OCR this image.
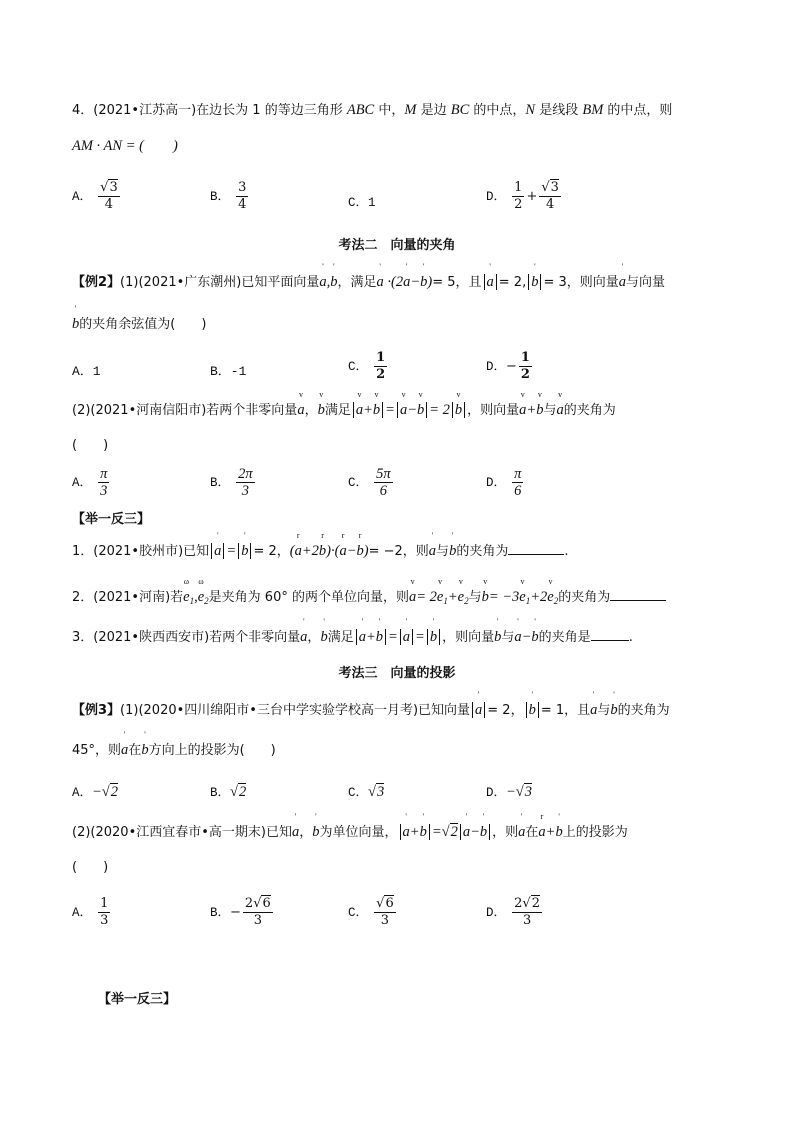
4．(2021•江苏高一)在边长为 1 的等边三角形 ABC 中，M 是边 BC 的中点，N 是线段 BM 的中点，则
AM · AN = (　　)
A． $\frac{√3}{4}$	B． $\frac{3}{4}$	C．1	D． $\frac{1}{2} + \frac{√3}{4}$
考法二　向量的夹角
【例2】(1)(2021•广东潮州)已知平面向量a
'
,b
'
，满足a
'
·(2a
'
−b
'
)= 5，且 a
'
= 2, b
'
= 3，则向量a
'
与向量
b
'
的夹角余弦值为(　　)
A．1	B．-1	C． $\frac{1}{2}$	D．− $\frac{1}{2}$
(2)(2021•河南信阳市)若两个非零向量a
v
，b
v
满足 a
v
+b
v
= a
v
−b
v
= 2 b
v
，则向量a
v
+b
v
与a
v
的夹角为
(　　)
A． $\frac{\pi}{3}$	B． $\frac{2\pi}{3}$	C． $\frac{5\pi}{6}$	D． $\frac{\pi}{6}$
【举一反三】
1．(2021•胶州市)已知 a
'
= b
'
= 2，(a
r
+2b
r
)·(a
r
−b
r
)= −2，则a
'
与b
'
的夹角为	.
2．(2021•河南)若e
ω
$_1$,e
ω
$_2$是夹角为 60° 的两个单位向量，则a
v
= 2e
v
$_1$+e
v
$_2$与b
v
= −3e
v
$_1$+2e
v
$_2$的夹角为
3．(2021•陕西西安市)若两个非零向量a
'
，b
'
满足 a
'
+b
'
= a
'
= b
'
，则向量b
'
与a
'
−b
'
的夹角是	.
考法三　向量的投影
【例3】(1)(2020•四川绵阳市•三台中学实验学校高一月考)已知向量 a
'
= 2， b
'
= 1，且a
'
与b
'
的夹角为
45°，则a
'
在b
'
方向上的投影为(　　)
A．−√2	B．√2	C．√3	D．−√3
(2)(2020•江西宜春市•高一期末)已知a
'
，b
'
为单位向量， a
'
+b
'
=√2 a
'
−b
'
，则a
'
在a
r
+b
'
上的投影为
(　　)
A． $\frac{1}{3}$	B．− $\frac{2√6}{3}$	C． $\frac{√6}{3}$	D． $\frac{2√2}{3}$
【举一反三】
